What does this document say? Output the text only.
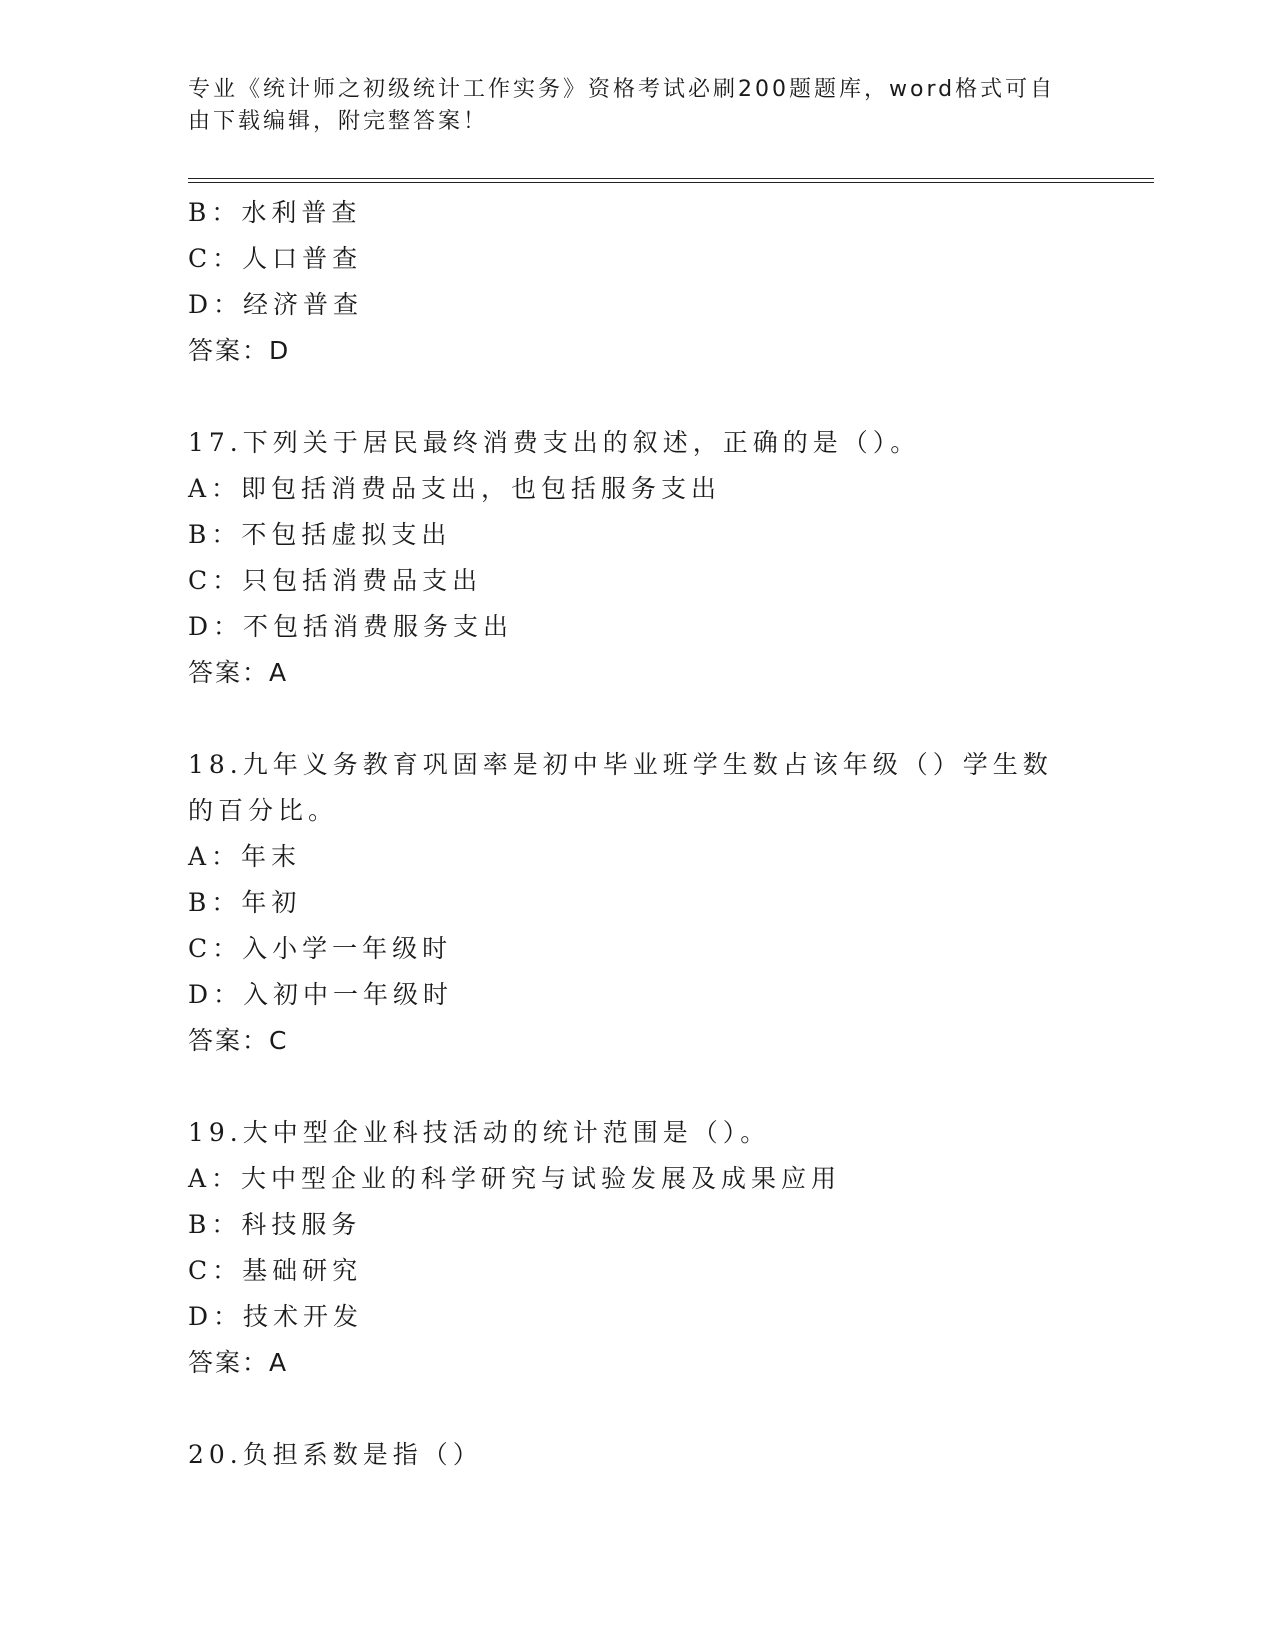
专业《统计师之初级统计工作实务》资格考试必刷200题题库，word格式可自由下载编辑，附完整答案！
B：水利普查
C：人口普查
D：经济普查
答案：D
17.下列关于居民最终消费支出的叙述，正确的是（）。
A：即包括消费品支出，也包括服务支出
B：不包括虚拟支出
C：只包括消费品支出
D：不包括消费服务支出
答案：A
18.九年义务教育巩固率是初中毕业班学生数占该年级（）学生数的百分比。
A：年末
B：年初
C：入小学一年级时
D：入初中一年级时
答案：C
19.大中型企业科技活动的统计范围是（）。
A：大中型企业的科学研究与试验发展及成果应用
B：科技服务
C：基础研究
D：技术开发
答案：A
20.负担系数是指（）
